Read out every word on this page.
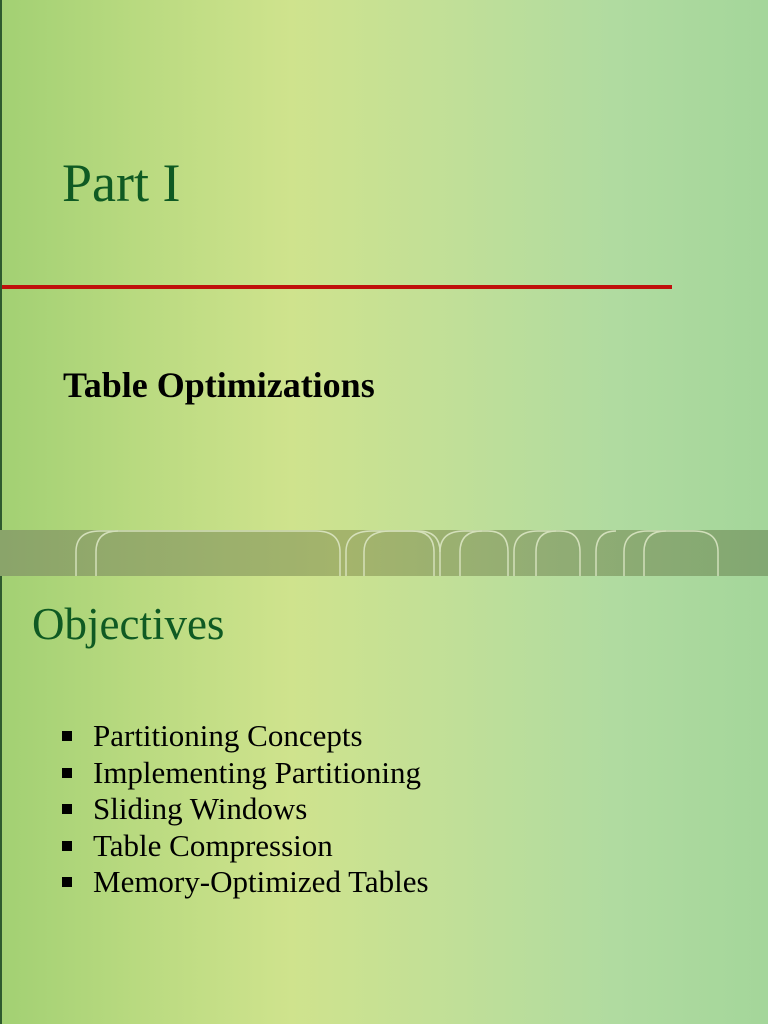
Part I
Table Optimizations
Objectives
Partitioning Concepts
Implementing Partitioning
Sliding Windows
Table Compression
Memory-Optimized Tables
